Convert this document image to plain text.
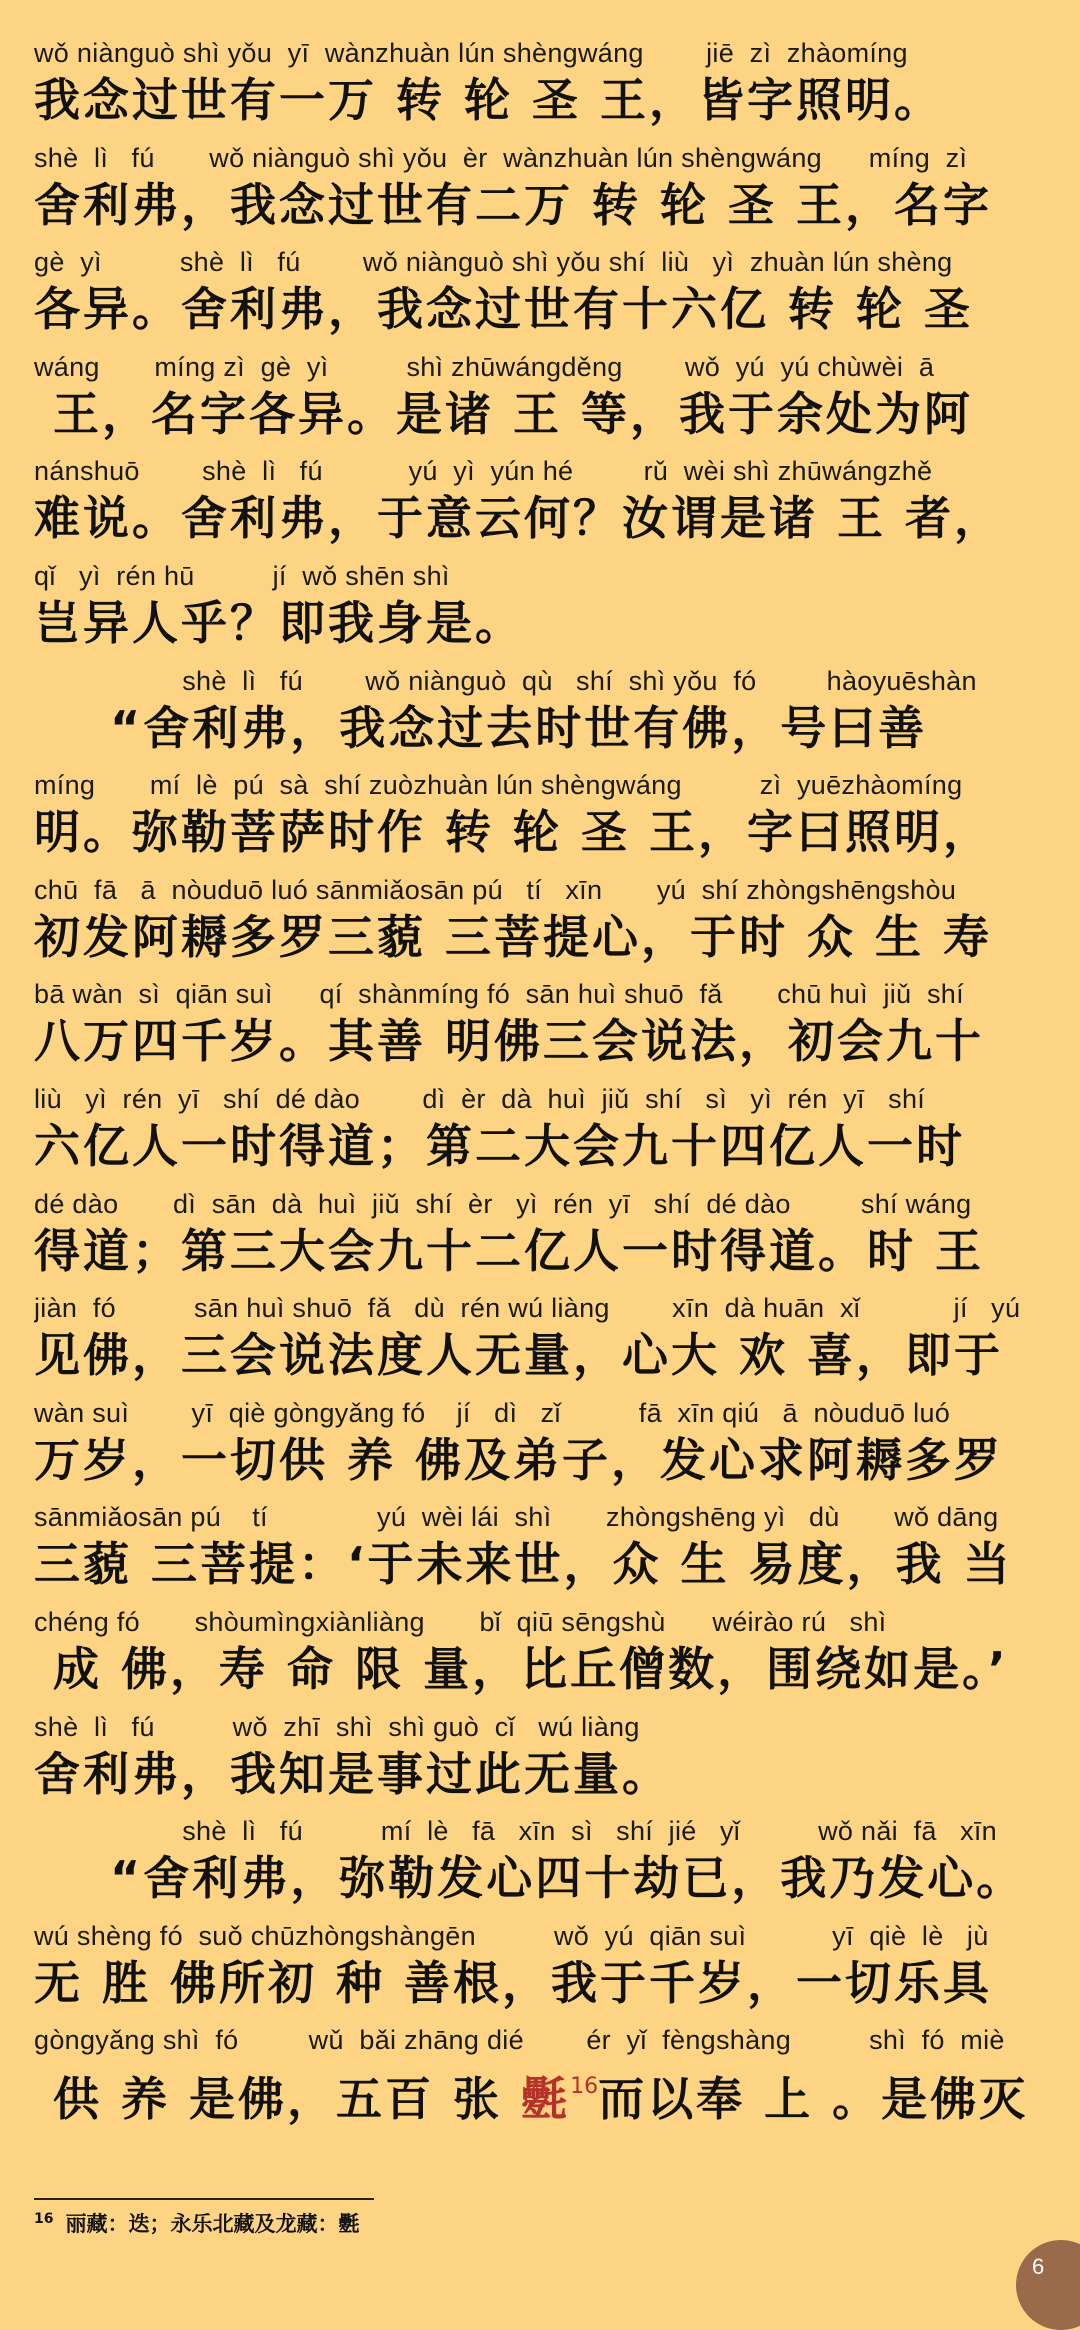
wǒ niànguò shì yǒu  yī  wànzhuàn lún shèngwáng        jiē  zì  zhàomíng
我念过世有一万 转 轮 圣 王，皆字照明。
shè  lì   fú       wǒ niànguò shì yǒu  èr  wànzhuàn lún shèngwáng      míng  zì
舍利弗，我念过世有二万 转 轮 圣 王，名字
gè  yì          shè  lì   fú        wǒ niànguò shì yǒu shí  liù   yì  zhuàn lún shèng
各异。舍利弗，我念过世有十六亿 转 轮 圣
wáng       míng zì  gè  yì          shì zhūwángděng        wǒ  yú  yú chùwèi  ā
王，名字各异。是诸 王 等，我于余处为阿
nánshuō        shè  lì   fú           yú  yì  yún hé         rǔ  wèi shì zhūwángzhě
难说。舍利弗，于意云何？汝谓是诸 王 者，
qǐ   yì  rén hū          jí  wǒ shēn shì
岂异人乎？即我身是。
shè  lì   fú        wǒ niànguò  qù   shí  shì yǒu  fó         hàoyuēshàn
“舍利弗，我念过去时世有佛，号曰善
míng       mí  lè  pú  sà  shí zuòzhuàn lún shèngwáng          zì  yuēzhàomíng
明。弥勒菩萨时作 转 轮 圣 王，字曰照明，
chū  fā   ā  nòuduō luó sānmiǎosān pú   tí   xīn       yú  shí zhòngshēngshòu
初发阿耨多罗三藐 三菩提心，于时 众 生 寿
bā wàn  sì  qiān suì      qí  shànmíng fó  sān huì shuō  fǎ       chū huì  jiǔ  shí
八万四千岁。其善 明佛三会说法，初会九十
liù   yì  rén  yī   shí  dé dào        dì  èr  dà  huì  jiǔ  shí   sì   yì  rén  yī   shí
六亿人一时得道；第二大会九十四亿人一时
dé dào       dì  sān  dà  huì  jiǔ  shí  èr   yì  rén  yī   shí  dé dào         shí wáng
得道；第三大会九十二亿人一时得道。时 王
jiàn  fó          sān huì shuō  fǎ   dù  rén wú liàng        xīn  dà huān  xǐ            jí   yú
见佛，三会说法度人无量，心大 欢 喜，即于
wàn suì        yī  qiè gòngyǎng fó    jí   dì   zǐ          fā  xīn qiú   ā  nòuduō luó
万岁，一切供 养 佛及弟子，发心求阿耨多罗
sānmiǎosān pú    tí              yú  wèi lái  shì       zhòngshēng yì   dù       wǒ dāng
三藐 三菩提：‘于未来世，众 生 易度，我 当
chéng fó       shòumìngxiànliàng       bǐ  qiū sēngshù      wéirào rú   shì
成 佛，寿 命 限 量，比丘僧数，围绕如是。’
shè  lì   fú          wǒ  zhī  shì  shì guò  cǐ   wú liàng
舍利弗，我知是事过此无量。
shè  lì   fú          mí  lè   fā   xīn  sì   shí  jié   yǐ          wǒ nǎi  fā   xīn
“舍利弗，弥勒发心四十劫已，我乃发心。
wú shèng fó  suǒ chūzhòngshàngēn          wǒ  yú  qiān suì           yī  qiè  lè   jù
无 胜 佛所初 种 善根，我于千岁，一切乐具
gòngyǎng shì  fó         wǔ  bǎi zhāng dié        ér  yǐ  fèngshàng          shì  fó  miè
供 养 是佛，五百 张 氎$^{16}$而以奉 上 。是佛灭
$^{16}$ 丽藏：迭；永乐北藏及龙藏：氎
6
